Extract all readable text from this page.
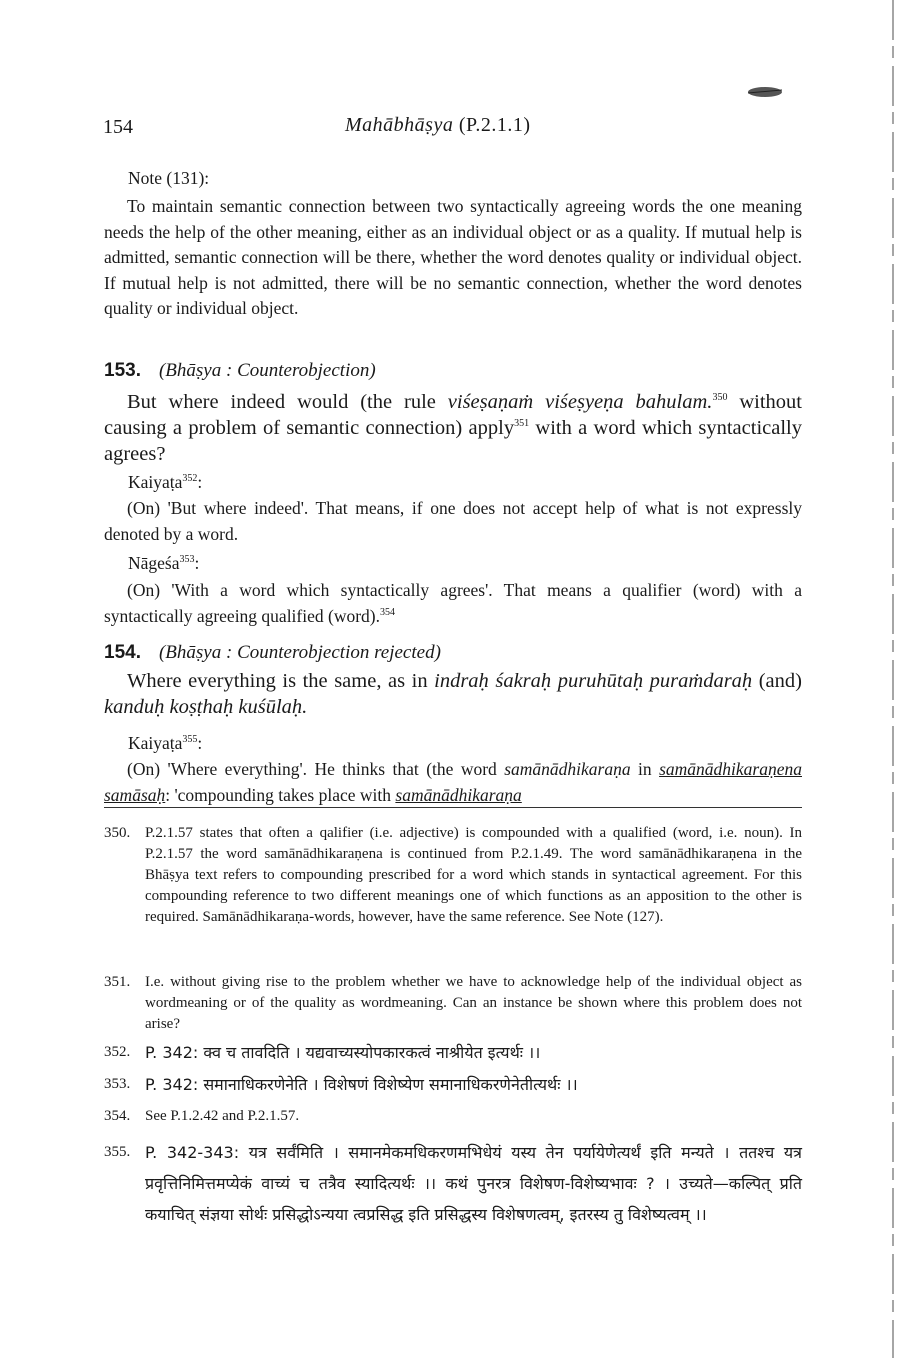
154	Mahābhāṣya (P.2.1.1)
Note (131):
To maintain semantic connection between two syntactically agreeing words the one meaning needs the help of the other meaning, either as an individual object or as a quality. If mutual help is admitted, semantic connection will be there, whether the word denotes quality or individual object. If mutual help is not admitted, there will be no semantic connection, whether the word denotes quality or individual object.
153. (Bhāṣya : Counterobjection)
But where indeed would (the rule viśeṣaṇaṁ viśeṣyeṇa bahulam.$^{350}$ without causing a problem of semantic connection) apply$^{351}$ with a word which syntactically agrees?
Kaiyaṭa$^{352}$:
(On) 'But where indeed'. That means, if one does not accept help of what is not expressly denoted by a word.
Nāgeśa$^{353}$:
(On) 'With a word which syntactically agrees'. That means a qualifier (word) with a syntactically agreeing qualified (word).$^{354}$
154. (Bhāṣya : Counterobjection rejected)
Where everything is the same, as in indraḥ śakraḥ puruhūtaḥ puraṁdaraḥ (and) kanduḥ koṣṭhaḥ kuśūlaḥ.
Kaiyaṭa$^{355}$:
(On) 'Where everything'. He thinks that (the word samānādhikaraṇa in samānādhikaraṇena samāsaḥ: 'compounding takes place with samānādhikaraṇa
350. P.2.1.57 states that often a qalifier (i.e. adjective) is compounded with a qualified (word, i.e. noun). In P.2.1.57 the word samānādhikaraṇena is continued from P.2.1.49. The word samānādhikaraṇena in the Bhāṣya text refers to compounding prescribed for a word which stands in syntactical agreement. For this compounding reference to two different meanings one of which functions as an apposition to the other is required. Samānādhikaraṇa-words, however, have the same reference. See Note (127).
351. I.e. without giving rise to the problem whether we have to acknowledge help of the individual object as wordmeaning or of the quality as wordmeaning. Can an instance be shown where this problem does not arise?
352. P. 342: क्व च तावदिति । यद्यवाच्यस्योपकारकत्वं नाश्रीयेत इत्यर्थः ।।
353. P. 342: समानाधिकरणेनेति । विशेषणं विशेष्येण समानाधिकरणेनेतीत्यर्थः ।।
354. See P.1.2.42 and P.2.1.57.
355. P. 342-343: यत्र सर्वंमिति । समानमेकमधिकरणमभिधेयं यस्य तेन पर्यायेणेत्यर्थं इति मन्यते । ततश्च यत्र प्रवृत्तिनिमित्तमप्येकं वाच्यं च तत्रैव स्यादित्यर्थः ।। कथं पुनरत्र विशेषण-विशेष्यभावः ? । उच्यते—कल्पित् प्रति कयाचित् संज्ञया सोर्थः प्रसिद्धोऽन्यया त्वप्रसिद्ध इति प्रसिद्धस्य विशेषणत्वम्, इतरस्य तु विशेष्यत्वम् ।।
